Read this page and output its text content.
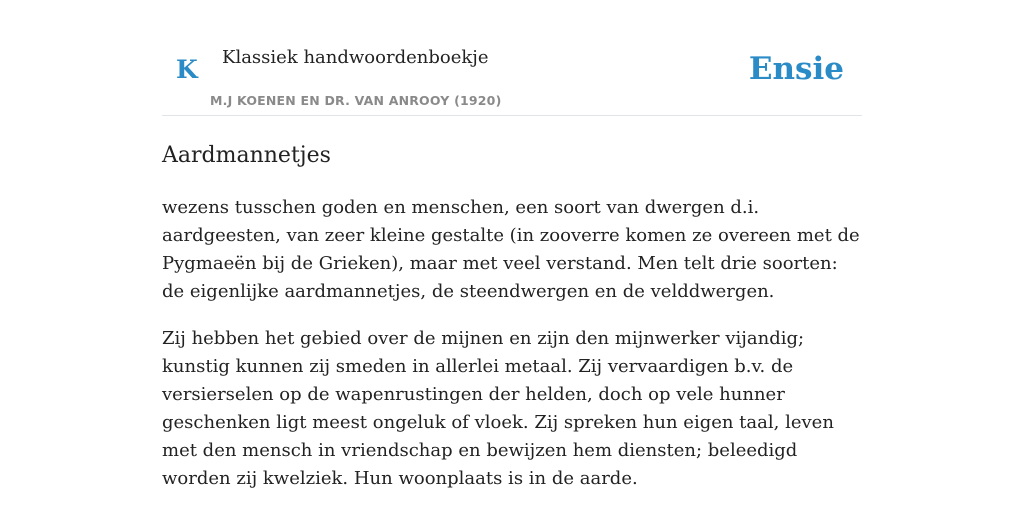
K Klassiek handwoordenboekje
M.J KOENEN EN DR. VAN ANROOY (1920)
Ensie
Aardmannetjes

wezens tusschen goden en menschen, een soort van dwergen d.i. aardgeesten, van zeer kleine gestalte (in zooverre komen ze overeen met de Pygmaeën bij de Grieken), maar met veel verstand. Men telt drie soorten: de eigenlijke aardmannetjes, de steendwergen en de velddwergen.

Zij hebben het gebied over de mijnen en zijn den mijnwerker vijandig; kunstig kunnen zij smeden in allerlei metaal. Zij vervaardigen b.v. de versierselen op de wapenrustingen der helden, doch op vele hunner geschenken ligt meest ongeluk of vloek. Zij spreken hun eigen taal, leven met den mensch in vriendschap en bewijzen hem diensten; beleedigd worden zij kwelziek. Hun woonplaats is in de aarde.
